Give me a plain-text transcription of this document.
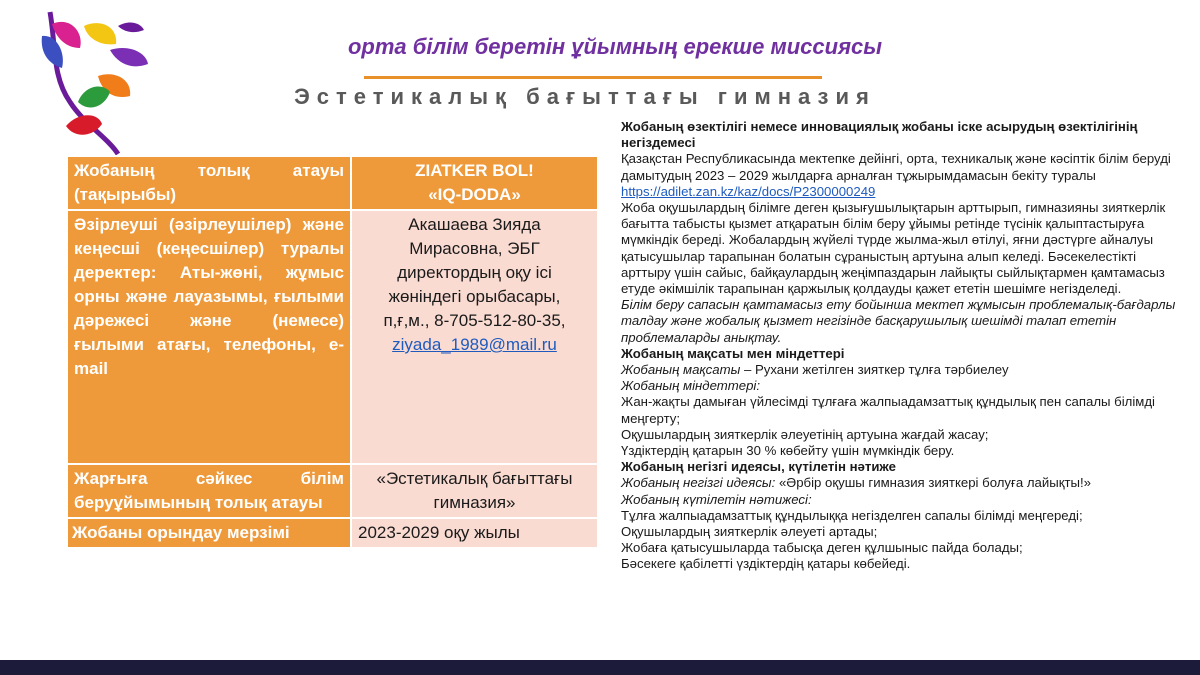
орта білім беретін ұйымның ерекше миссиясы
Эстетикалық бағыттағы гимназия
Жобаның толық атауы (тақырыбы)	ZIATKER BOL!
«IQ-DODA»

Әзірлеуші (әзірлеушілер) және кеңесші (кеңесшілер) туралы деректер: Аты-жөні, жұмыс орны және лауазымы, ғылыми дәрежесі және (немесе) ғылыми атағы, телефоны, e-mail	Акашаева Зияда Мирасовна, ЭБГ директордың оқу ісі жөніндегі орыбасары, п,ғ,м., 8-705-512-80-35,
ziyada_1989@mail.ru
Жарғыға сәйкес білім беруұйымының толық атауы	«Эстетикалық бағыттағы гимназия»
Жобаны орындау мерзімі	2023-2029 оқу жылы

Жобаның өзектілігі немесе инновациялық жобаны іске асырудың өзектілігінің негіздемесі

Қазақстан Республикасында мектепке дейінгі, орта, техникалық және кәсіптік білім беруді дамытудың 2023 – 2029 жылдарға арналған тұжырымдамасын бекіту туралы https://adilet.zan.kz/kaz/docs/P2300000249

Жоба оқушылардың білімге деген қызығушылықтарын арттырып, гимназияны зияткерлік бағытта табысты қызмет атқаратын білім беру ұйымы ретінде түсінік қалыптастыруға мүмкіндік береді. Жобалардың жүйелі түрде жылма-жыл өтілуі, яғни дәстүрге айналуы қатысушылар тарапынан болатын сұраныстың артуына алып келеді. Бәсекелестікті арттыру үшін сайыс, байқаулардың жеңімпаздарын лайықты сыйлықтармен қамтамасыз етуде әкімшілік тарапынан қаржылық қолдауды қажет ететін шешімге негізделеді.

Білім беру сапасын қамтамасыз ету бойынша мектеп жұмысын проблемалық-бағдарлы талдау және жобалық қызмет негізінде басқарушылық шешімді талап ететін проблемаларды анықтау.

Жобаның мақсаты мен міндеттері

Жобаның мақсаты – Рухани жетілген зияткер тұлға тәрбиелеу

Жобаның міндеттері:

Жан-жақты дамыған үйлесімді тұлғаға жалпыадамзаттық құндылық пен сапалы білімді меңгерту;

Оқушылардың зияткерлік әлеуетінің артуына жағдай жасау;

Үздіктердің қатарын 30 % көбейту үшін мүмкіндік беру.

Жобаның негізгі идеясы, күтілетін нәтиже

Жобаның негізгі идеясы: «Әрбір оқушы гимназия зияткері болуға лайықты!»

Жобаның күтілетін нәтижесі:

Тұлға жалпыадамзаттық құндылыққа негізделген сапалы білімді меңгереді;

Оқушылардың зияткерлік әлеуеті артады;

Жобаға қатысушыларда табысқа деген құлшыныс пайда болады;

Бәсекеге қабілетті үздіктердің қатары көбейеді.
